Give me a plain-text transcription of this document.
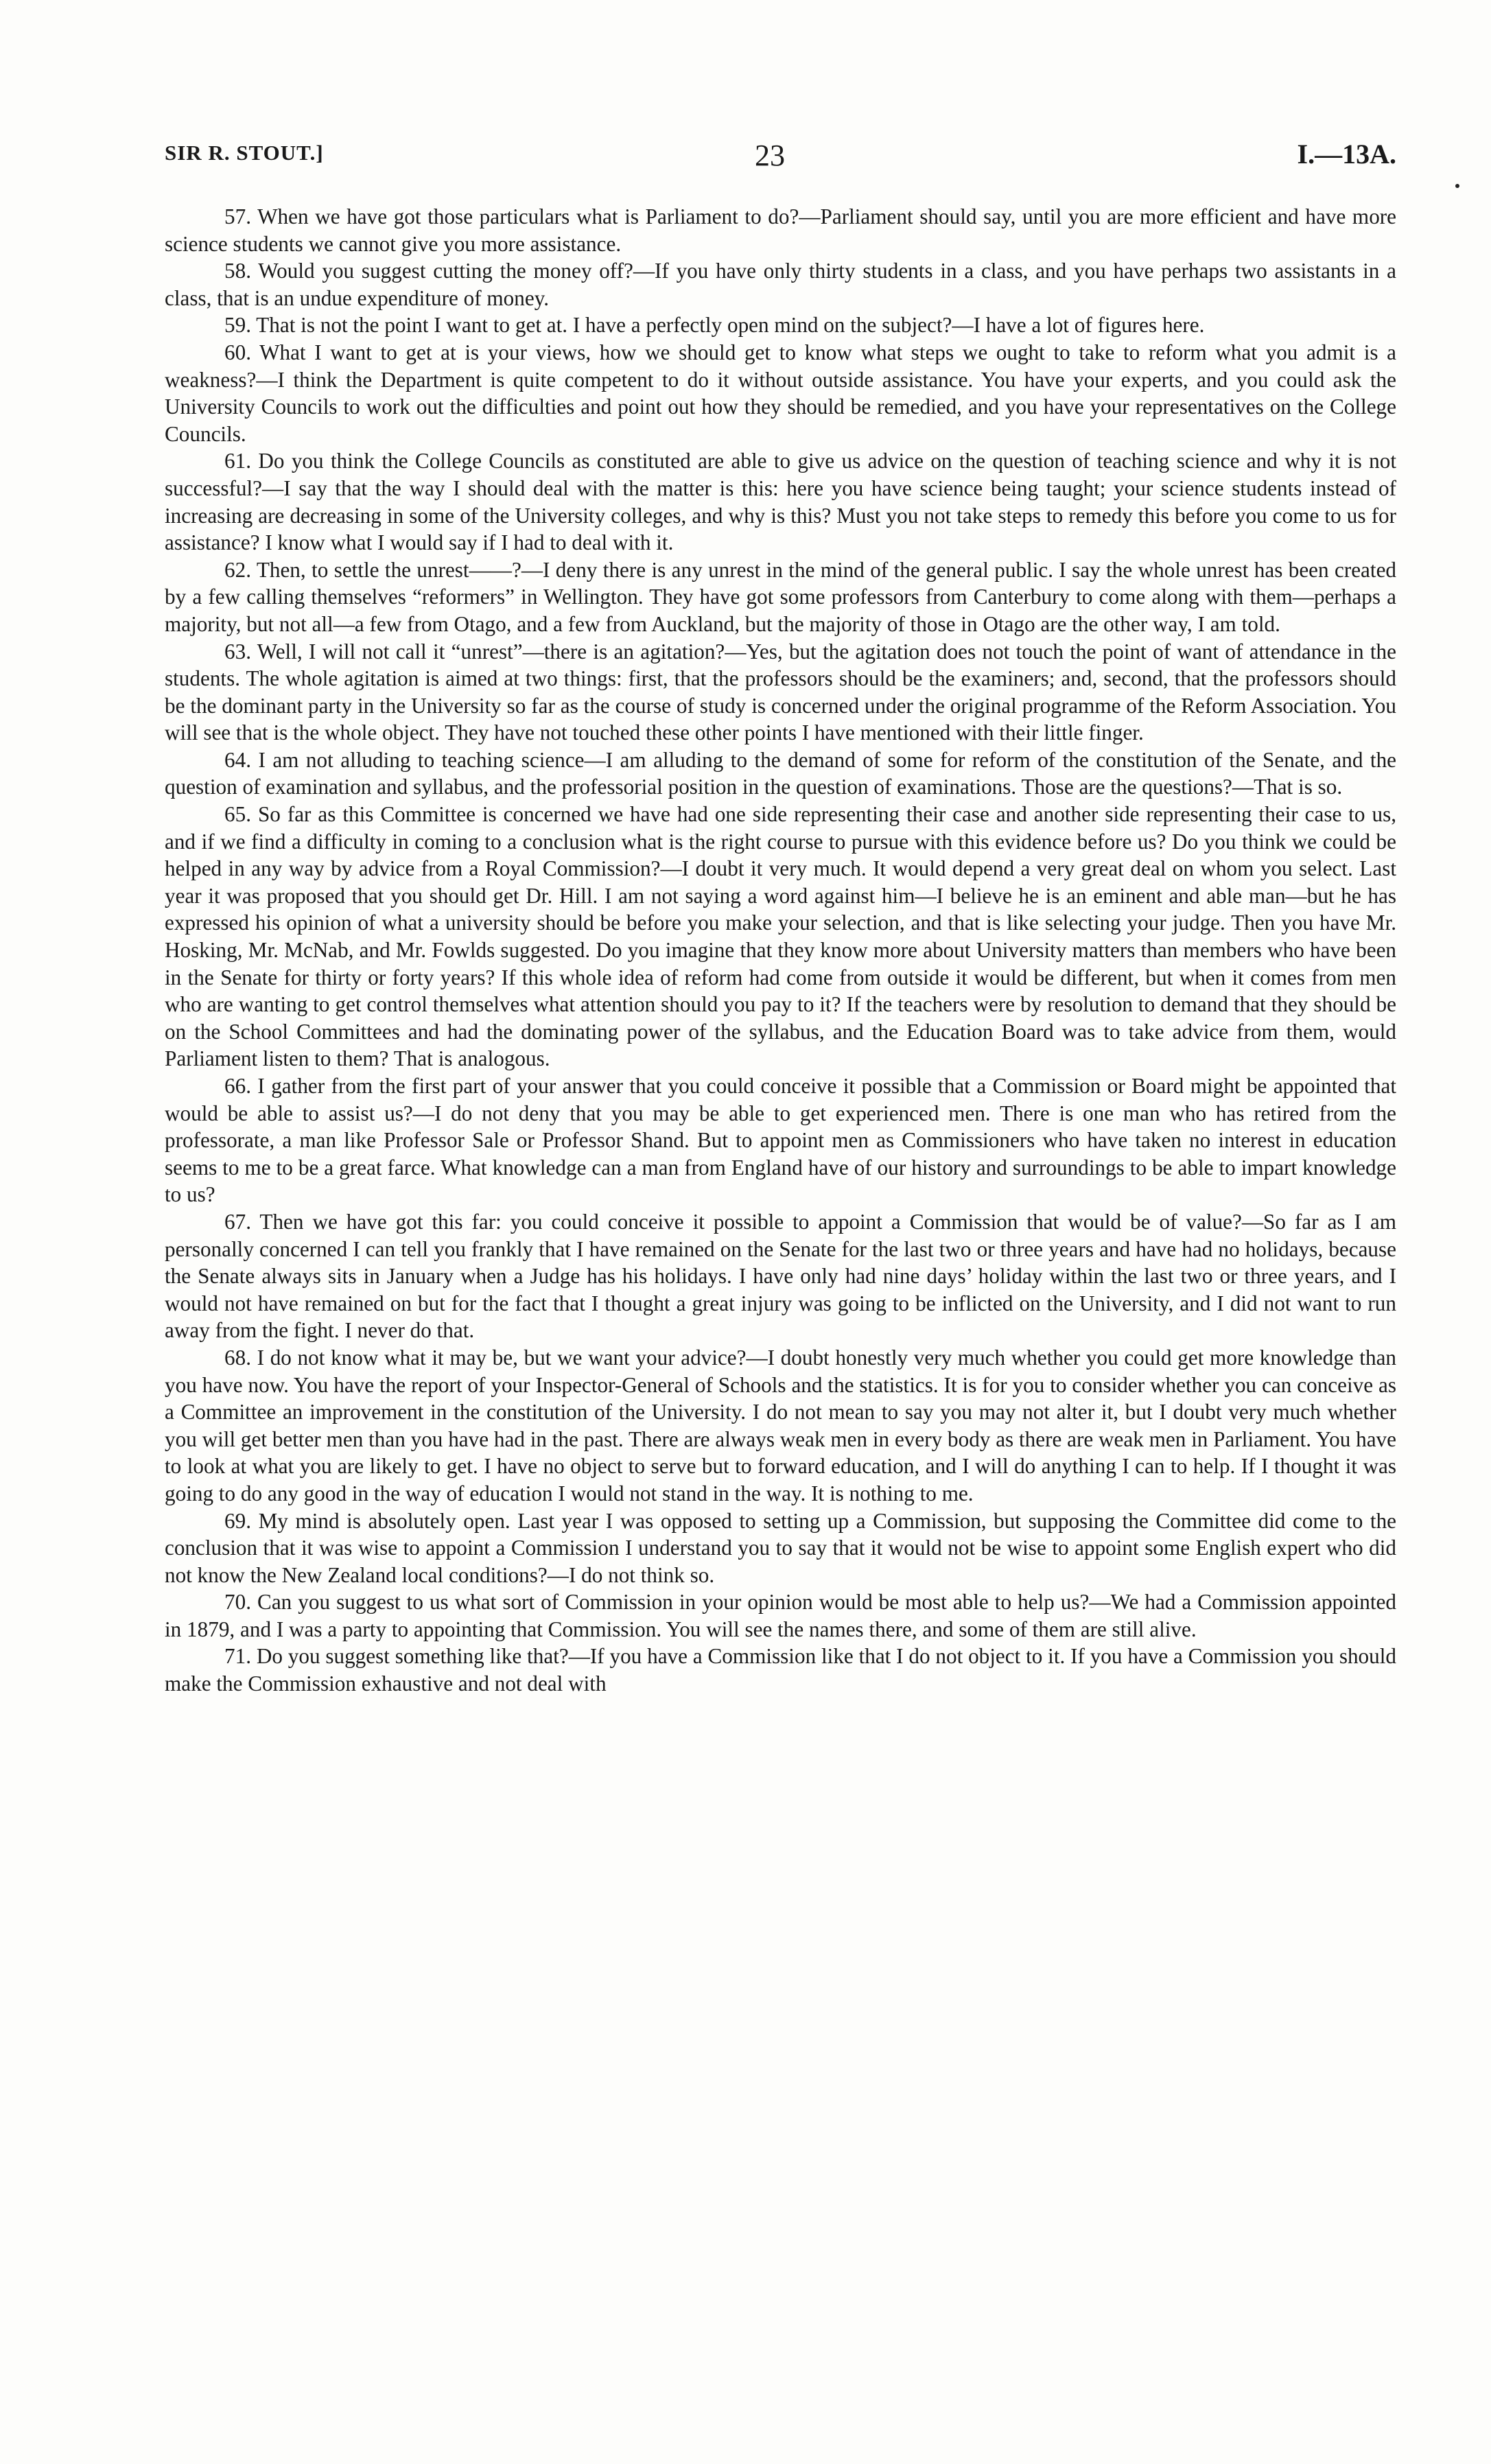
SIR R. STOUT.]	23	I.—13A.

57. When we have got those particulars what is Parliament to do?—Parliament should say, until you are more efficient and have more science students we cannot give you more assistance.

58. Would you suggest cutting the money off?—If you have only thirty students in a class, and you have perhaps two assistants in a class, that is an undue expenditure of money.

59. That is not the point I want to get at. I have a perfectly open mind on the subject?—I have a lot of figures here.

60. What I want to get at is your views, how we should get to know what steps we ought to take to reform what you admit is a weakness?—I think the Department is quite competent to do it without outside assistance. You have your experts, and you could ask the University Councils to work out the difficulties and point out how they should be remedied, and you have your representatives on the College Councils.

61. Do you think the College Councils as constituted are able to give us advice on the question of teaching science and why it is not successful?—I say that the way I should deal with the matter is this: here you have science being taught; your science students instead of increasing are decreasing in some of the University colleges, and why is this? Must you not take steps to remedy this before you come to us for assistance? I know what I would say if I had to deal with it.

62. Then, to settle the unrest——?—I deny there is any unrest in the mind of the general public. I say the whole unrest has been created by a few calling themselves “reformers” in Wellington. They have got some professors from Canterbury to come along with them—perhaps a majority, but not all—a few from Otago, and a few from Auckland, but the majority of those in Otago are the other way, I am told.

63. Well, I will not call it “unrest”—there is an agitation?—Yes, but the agitation does not touch the point of want of attendance in the students. The whole agitation is aimed at two things: first, that the professors should be the examiners; and, second, that the professors should be the dominant party in the University so far as the course of study is concerned under the original programme of the Reform Association. You will see that is the whole object. They have not touched these other points I have mentioned with their little finger.

64. I am not alluding to teaching science—I am alluding to the demand of some for reform of the constitution of the Senate, and the question of examination and syllabus, and the professorial position in the question of examinations. Those are the questions?—That is so.

65. So far as this Committee is concerned we have had one side representing their case and another side representing their case to us, and if we find a difficulty in coming to a conclusion what is the right course to pursue with this evidence before us? Do you think we could be helped in any way by advice from a Royal Commission?—I doubt it very much. It would depend a very great deal on whom you select. Last year it was proposed that you should get Dr. Hill. I am not saying a word against him—I believe he is an eminent and able man—but he has expressed his opinion of what a university should be before you make your selection, and that is like selecting your judge. Then you have Mr. Hosking, Mr. McNab, and Mr. Fowlds suggested. Do you imagine that they know more about University matters than members who have been in the Senate for thirty or forty years? If this whole idea of reform had come from outside it would be different, but when it comes from men who are wanting to get control themselves what attention should you pay to it? If the teachers were by resolution to demand that they should be on the School Committees and had the dominating power of the syllabus, and the Education Board was to take advice from them, would Parliament listen to them? That is analogous.

66. I gather from the first part of your answer that you could conceive it possible that a Commission or Board might be appointed that would be able to assist us?—I do not deny that you may be able to get experienced men. There is one man who has retired from the professorate, a man like Professor Sale or Professor Shand. But to appoint men as Commissioners who have taken no interest in education seems to me to be a great farce. What knowledge can a man from England have of our history and surroundings to be able to impart knowledge to us?

67. Then we have got this far: you could conceive it possible to appoint a Commission that would be of value?—So far as I am personally concerned I can tell you frankly that I have remained on the Senate for the last two or three years and have had no holidays, because the Senate always sits in January when a Judge has his holidays. I have only had nine days’ holiday within the last two or three years, and I would not have remained on but for the fact that I thought a great injury was going to be inflicted on the University, and I did not want to run away from the fight. I never do that.

68. I do not know what it may be, but we want your advice?—I doubt honestly very much whether you could get more knowledge than you have now. You have the report of your Inspector-General of Schools and the statistics. It is for you to consider whether you can conceive as a Committee an improvement in the constitution of the University. I do not mean to say you may not alter it, but I doubt very much whether you will get better men than you have had in the past. There are always weak men in every body as there are weak men in Parliament. You have to look at what you are likely to get. I have no object to serve but to forward education, and I will do anything I can to help. If I thought it was going to do any good in the way of education I would not stand in the way. It is nothing to me.

69. My mind is absolutely open. Last year I was opposed to setting up a Commission, but supposing the Committee did come to the conclusion that it was wise to appoint a Commission I understand you to say that it would not be wise to appoint some English expert who did not know the New Zealand local conditions?—I do not think so.

70. Can you suggest to us what sort of Commission in your opinion would be most able to help us?—We had a Commission appointed in 1879, and I was a party to appointing that Commission. You will see the names there, and some of them are still alive.

71. Do you suggest something like that?—If you have a Commission like that I do not object to it. If you have a Commission you should make the Commission exhaustive and not deal with
